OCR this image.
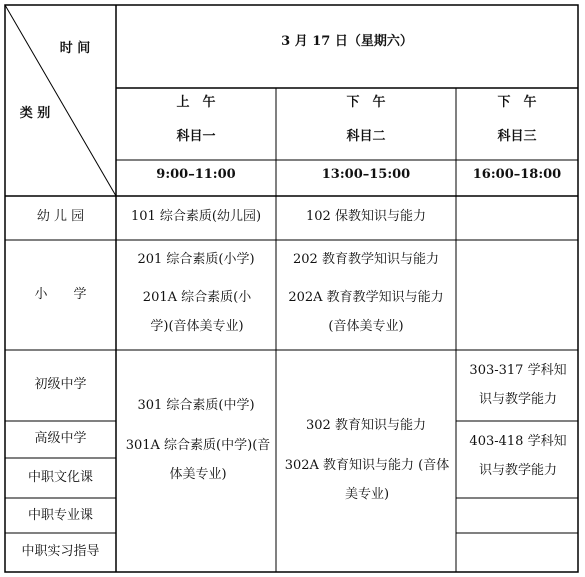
时 间
类 别
3 月 17 日（星期六）
上　午
科目一
9:00–11:00
下　午
科目二
13:00–15:00
下　午
科目三
16:00–18:00
幼 儿 园
小　　学
初级中学
高级中学
中职文化课
中职专业课
中职实习指导
101 综合素质(幼儿园)	102 保教知识与能力
201 综合素质(小学)
201A 综合素质(小学)(音体美专业)
202 教育教学知识与能力
202A 教育教学知识与能力(音体美专业)
301 综合素质(中学)
301A 综合素质(中学)(音体美专业)
302 教育知识与能力
302A 教育知识与能力 (音体美专业)
303-317 学科知识与教学能力
403-418 学科知识与教学能力
